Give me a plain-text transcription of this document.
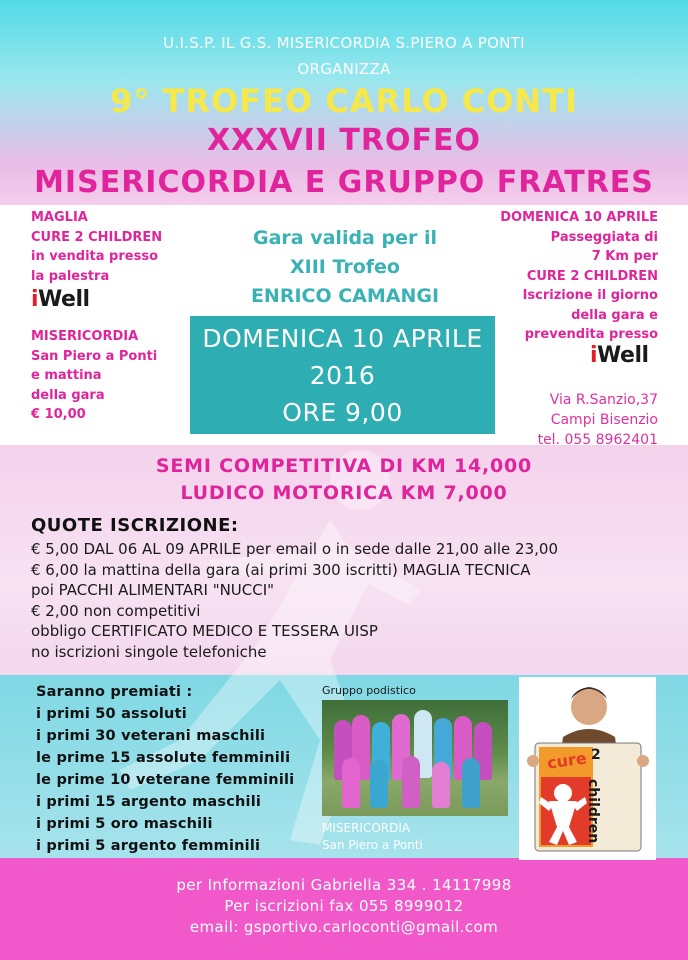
U.I.S.P. IL G.S. MISERICORDIA S.PIERO A PONTI
ORGANIZZA
9° TROFEO CARLO CONTI
XXXVII TROFEO
MISERICORDIA E GRUPPO FRATRES
MAGLIA
CURE 2 CHILDREN
in vendita presso
la palestra
iWell
MISERICORDIA
San Piero a Ponti
e mattina
della gara
€ 10,00
Gara valida per il
XIII Trofeo
ENRICO CAMANGI
DOMENICA 10 APRILE
2016
ORE 9,00
DOMENICA 10 APRILE
Passeggiata di
7 Km per
CURE 2 CHILDREN
Iscrizione il giorno
della gara e
prevendita presso
iWell
Via R.Sanzio,37
Campi Bisenzio
tel. 055 8962401
SEMI COMPETITIVA DI KM 14,000
LUDICO MOTORICA KM 7,000
QUOTE ISCRIZIONE:
€ 5,00 DAL 06 AL 09 APRILE per email o in sede dalle 21,00 alle 23,00
€ 6,00 la mattina della gara (ai primi 300 iscritti) MAGLIA TECNICA
poi PACCHI ALIMENTARI "NUCCI"
€ 2,00 non competitivi
obbligo CERTIFICATO MEDICO E TESSERA UISP
no iscrizioni singole telefoniche
Saranno premiati :
i primi 50 assoluti
i primi 30 veterani maschili
le prime 15 assolute femminili
le prime 10 veterane femminili
i primi 15 argento maschili
i primi 5 oro maschili
i primi 5 argento femminili
Gruppo podistico
MISERICORDIA
San Piero a Ponti
cure 2
children
per Informazioni Gabriella 334 . 14117998
Per iscrizioni fax 055 8999012
email: gsportivo.carloconti@gmail.com
